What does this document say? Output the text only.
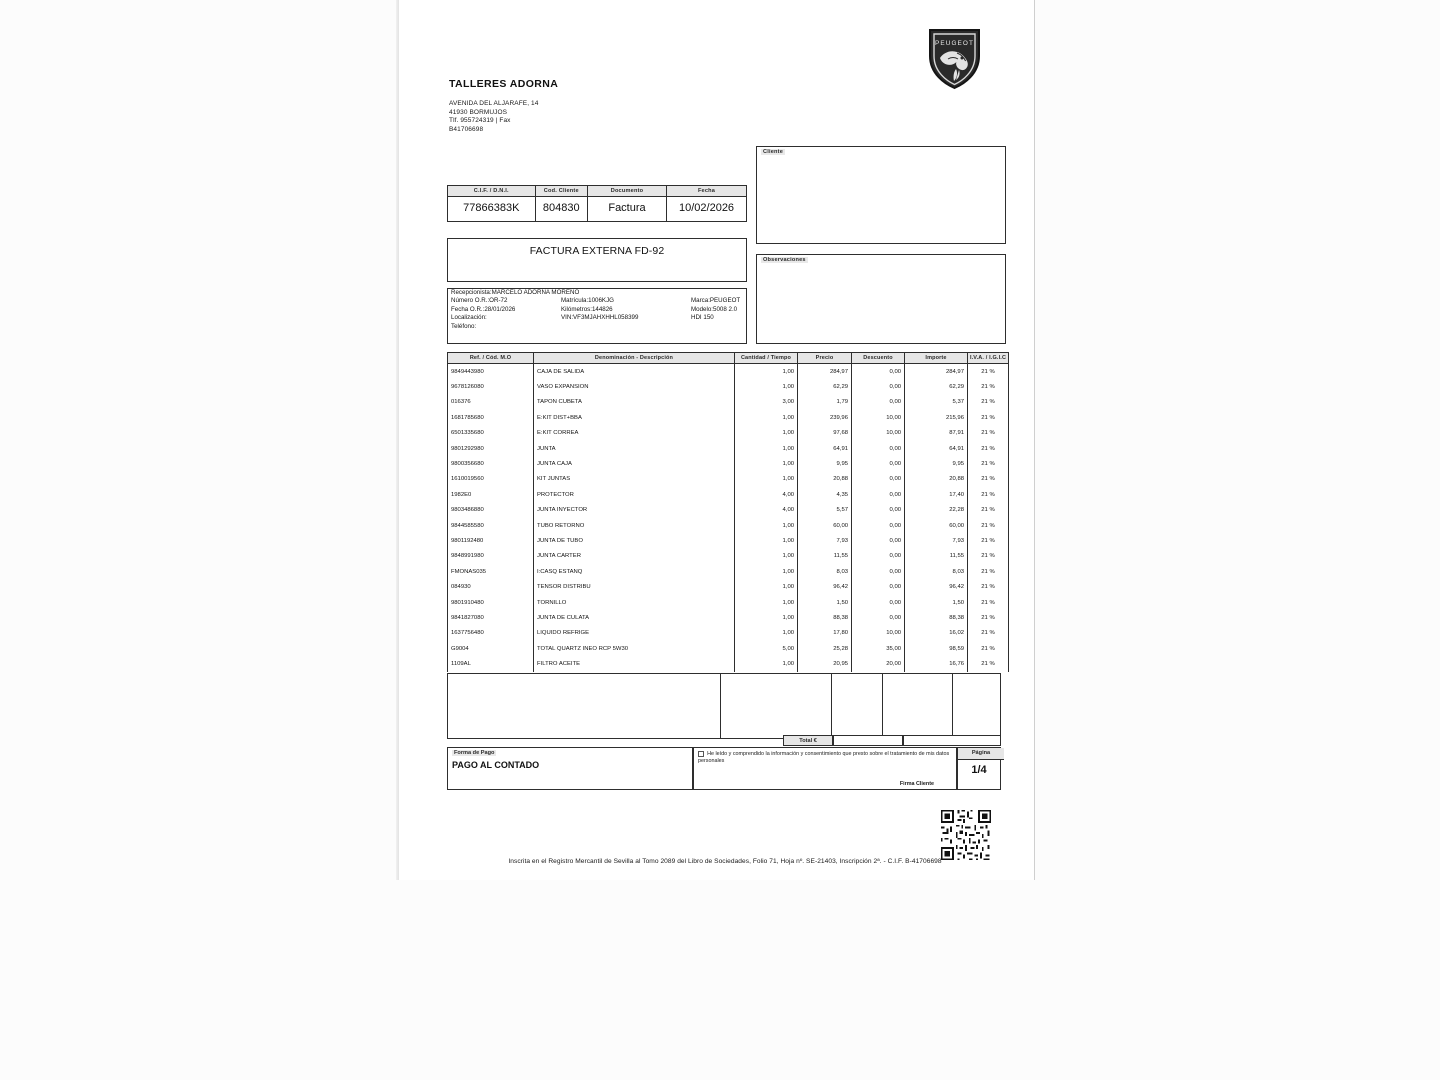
TALLERES ADORNA
AVENIDA DEL ALJARAFE, 14
41930 BORMUJOS
Tlf. 955724319 | Fax
B41706698
PEUGEOT
Cliente
Observaciones
C.I.F. / D.N.I.	Cod. Cliente	Documento	Fecha
77866383K	804830	Factura	10/02/2026
FACTURA EXTERNA FD-92
Recepcionista:MARCELO ADORNA MORENO
Número O.R.:OR-72	Matrícula:1006KJG	Marca:PEUGEOT
Fecha O.R.:28/01/2026	Kilómetros:144826	Modelo:5008 2.0 HDI 150
Localización:	VIN:VF3MJAHXHHL058399
Teléfono:
Ref. / Cód. M.O	Denominación - Descripción	Cantidad / Tiempo	Precio	Descuento	Importe	I.V.A. / I.G.I.C
9849443980	CAJA DE SALIDA	1,00	284,97	0,00	284,97	21 %
9678126080	VASO EXPANSION	1,00	62,29	0,00	62,29	21 %
016376	TAPON CUBETA	3,00	1,79	0,00	5,37	21 %
1681785680	E:KIT DIST+BBA	1,00	239,96	10,00	215,96	21 %
6501335680	E:KIT CORREA	1,00	97,68	10,00	87,91	21 %
9801292980	JUNTA	1,00	64,91	0,00	64,91	21 %
9800356680	JUNTA CAJA	1,00	9,95	0,00	9,95	21 %
1610019560	KIT JUNTAS	1,00	20,88	0,00	20,88	21 %
1982E0	PROTECTOR	4,00	4,35	0,00	17,40	21 %
9803486880	JUNTA INYECTOR	4,00	5,57	0,00	22,28	21 %
9844585580	TUBO RETORNO	1,00	60,00	0,00	60,00	21 %
9801192480	JUNTA DE TUBO	1,00	7,93	0,00	7,93	21 %
9848991980	JUNTA CARTER	1,00	11,55	0,00	11,55	21 %
FMONAS035	I:CASQ ESTANQ	1,00	8,03	0,00	8,03	21 %
084930	TENSOR DISTRIBU	1,00	96,42	0,00	96,42	21 %
9801910480	TORNILLO	1,00	1,50	0,00	1,50	21 %
9841827080	JUNTA DE CULATA	1,00	88,38	0,00	88,38	21 %
1637756480	LIQUIDO REFRIGE	1,00	17,80	10,00	16,02	21 %
G9004	TOTAL QUARTZ INEO RCP 5W30	5,00	25,28	35,00	98,59	21 %
1109AL	FILTRO ACEITE	1,00	20,95	20,00	16,76	21 %
Total €
Forma de Pago
PAGO AL CONTADO
He leído y comprendido la información y consentimiento que presto sobre el tratamiento de mis datos personales
Firma Cliente
Página
1/4
Inscrita en el Registro Mercantil de Sevilla al Tomo 2089 del Libro de Sociedades, Folio 71, Hoja nº. SE-21403, Inscripción 2ª. - C.I.F. B-41706698
